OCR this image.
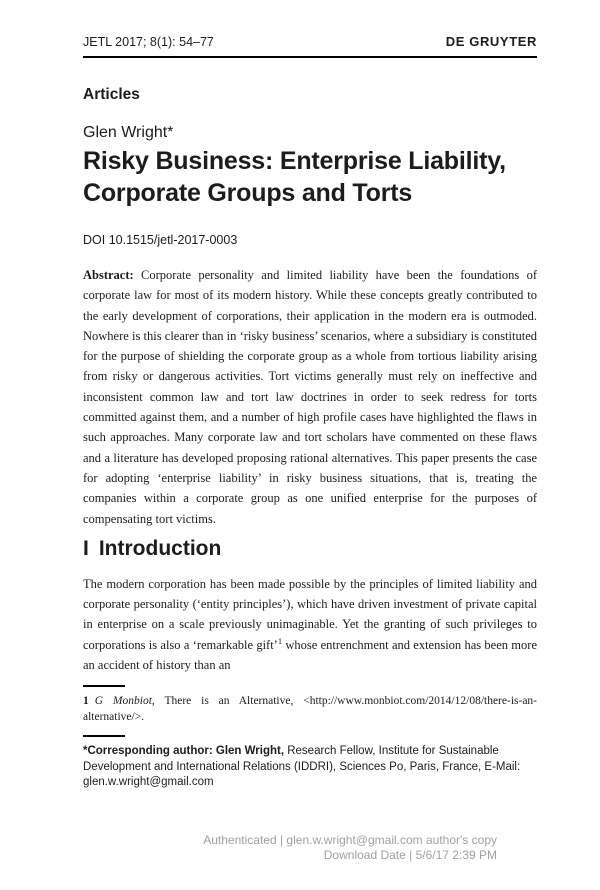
JETL 2017; 8(1): 54–77	DE GRUYTER
Articles
Glen Wright*
Risky Business: Enterprise Liability,
Corporate Groups and Torts
DOI 10.1515/jetl-2017-0003

Abstract: Corporate personality and limited liability have been the foundations of corporate law for most of its modern history. While these concepts greatly contributed to the early development of corporations, their application in the modern era is outmoded. Nowhere is this clearer than in ‘risky business’ scenarios, where a subsidiary is constituted for the purpose of shielding the corporate group as a whole from tortious liability arising from risky or dangerous activities. Tort victims generally must rely on ineffective and inconsistent common law and tort law doctrines in order to seek redress for torts committed against them, and a number of high profile cases have highlighted the flaws in such approaches. Many corporate law and tort scholars have commented on these flaws and a literature has developed proposing rational alternatives. This paper presents the case for adopting ‘enterprise liability’ in risky business situations, that is, treating the companies within a corporate group as one unified enterprise for the purposes of compensating tort victims.

I Introduction

The modern corporation has been made possible by the principles of limited liability and corporate personality (‘entity principles’), which have driven investment of private capital in enterprise on a scale previously unimaginable. Yet the granting of such privileges to corporations is also a ‘remarkable gift’$^1$ whose entrenchment and extension has been more an accident of history than an

1 G Monbiot, There is an Alternative, <http://www.monbiot.com/2014/12/08/there-is-an-alternative/>.

*Corresponding author: Glen Wright, Research Fellow, Institute for Sustainable Development and International Relations (IDDRI), Sciences Po, Paris, France, E-Mail: glen.w.wright@gmail.com

Authenticated | glen.w.wright@gmail.com author's copy
Download Date | 5/6/17 2:39 PM
